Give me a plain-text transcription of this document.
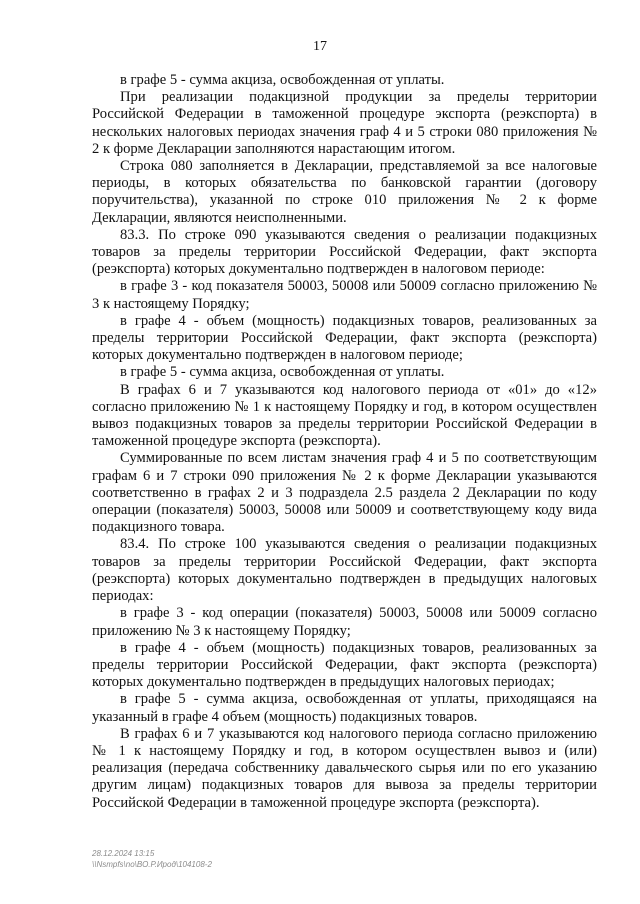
17

в графе 5 - сумма акциза, освобожденная от уплаты.

При реализации подакцизной продукции за пределы территории Российской Федерации в таможенной процедуре экспорта (реэкспорта) в нескольких налоговых периодах значения граф 4 и 5 строки 080 приложения № 2 к форме Декларации заполняются нарастающим итогом.

Строка 080 заполняется в Декларации, представляемой за все налоговые периоды, в которых обязательства по банковской гарантии (договору поручительства), указанной по строке 010 приложения № 2 к форме Декларации, являются неисполненными.

83.3. По строке 090 указываются сведения о реализации подакцизных товаров за пределы территории Российской Федерации, факт экспорта (реэкспорта) которых документально подтвержден в налоговом периоде:

в графе 3 - код показателя 50003, 50008 или 50009 согласно приложению № 3 к настоящему Порядку;

в графе 4 - объем (мощность) подакцизных товаров, реализованных за пределы территории Российской Федерации, факт экспорта (реэкспорта) которых документально подтвержден в налоговом периоде;

в графе 5 - сумма акциза, освобожденная от уплаты.

В графах 6 и 7 указываются код налогового периода от «01» до «12» согласно приложению № 1 к настоящему Порядку и год, в котором осуществлен вывоз подакцизных товаров за пределы территории Российской Федерации в таможенной процедуре экспорта (реэкспорта).

Суммированные по всем листам значения граф 4 и 5 по соответствующим графам 6 и 7 строки 090 приложения № 2 к форме Декларации указываются соответственно в графах 2 и 3 подраздела 2.5 раздела 2 Декларации по коду операции (показателя) 50003, 50008 или 50009 и соответствующему коду вида подакцизного товара.

83.4. По строке 100 указываются сведения о реализации подакцизных товаров за пределы территории Российской Федерации, факт экспорта (реэкспорта) которых документально подтвержден в предыдущих налоговых периодах:

в графе 3 - код операции (показателя) 50003, 50008 или 50009 согласно приложению № 3 к настоящему Порядку;

в графе 4 - объем (мощность) подакцизных товаров, реализованных за пределы территории Российской Федерации, факт экспорта (реэкспорта) которых документально подтвержден в предыдущих налоговых периодах;

в графе 5 - сумма акциза, освобожденная от уплаты, приходящаяся на указанный в графе 4 объем (мощность) подакцизных товаров.

В графах 6 и 7 указываются код налогового периода согласно приложению № 1 к настоящему Порядку и год, в котором осуществлен вывоз и (или) реализация (передача собственнику давальческого сырья или по его указанию другим лицам) подакцизных товаров для вывоза за пределы территории Российской Федерации в таможенной процедуре экспорта (реэкспорта).

28.12.2024 13:15
\\Nsmpfs\no\ВО.Р.Ирод\104108-2
